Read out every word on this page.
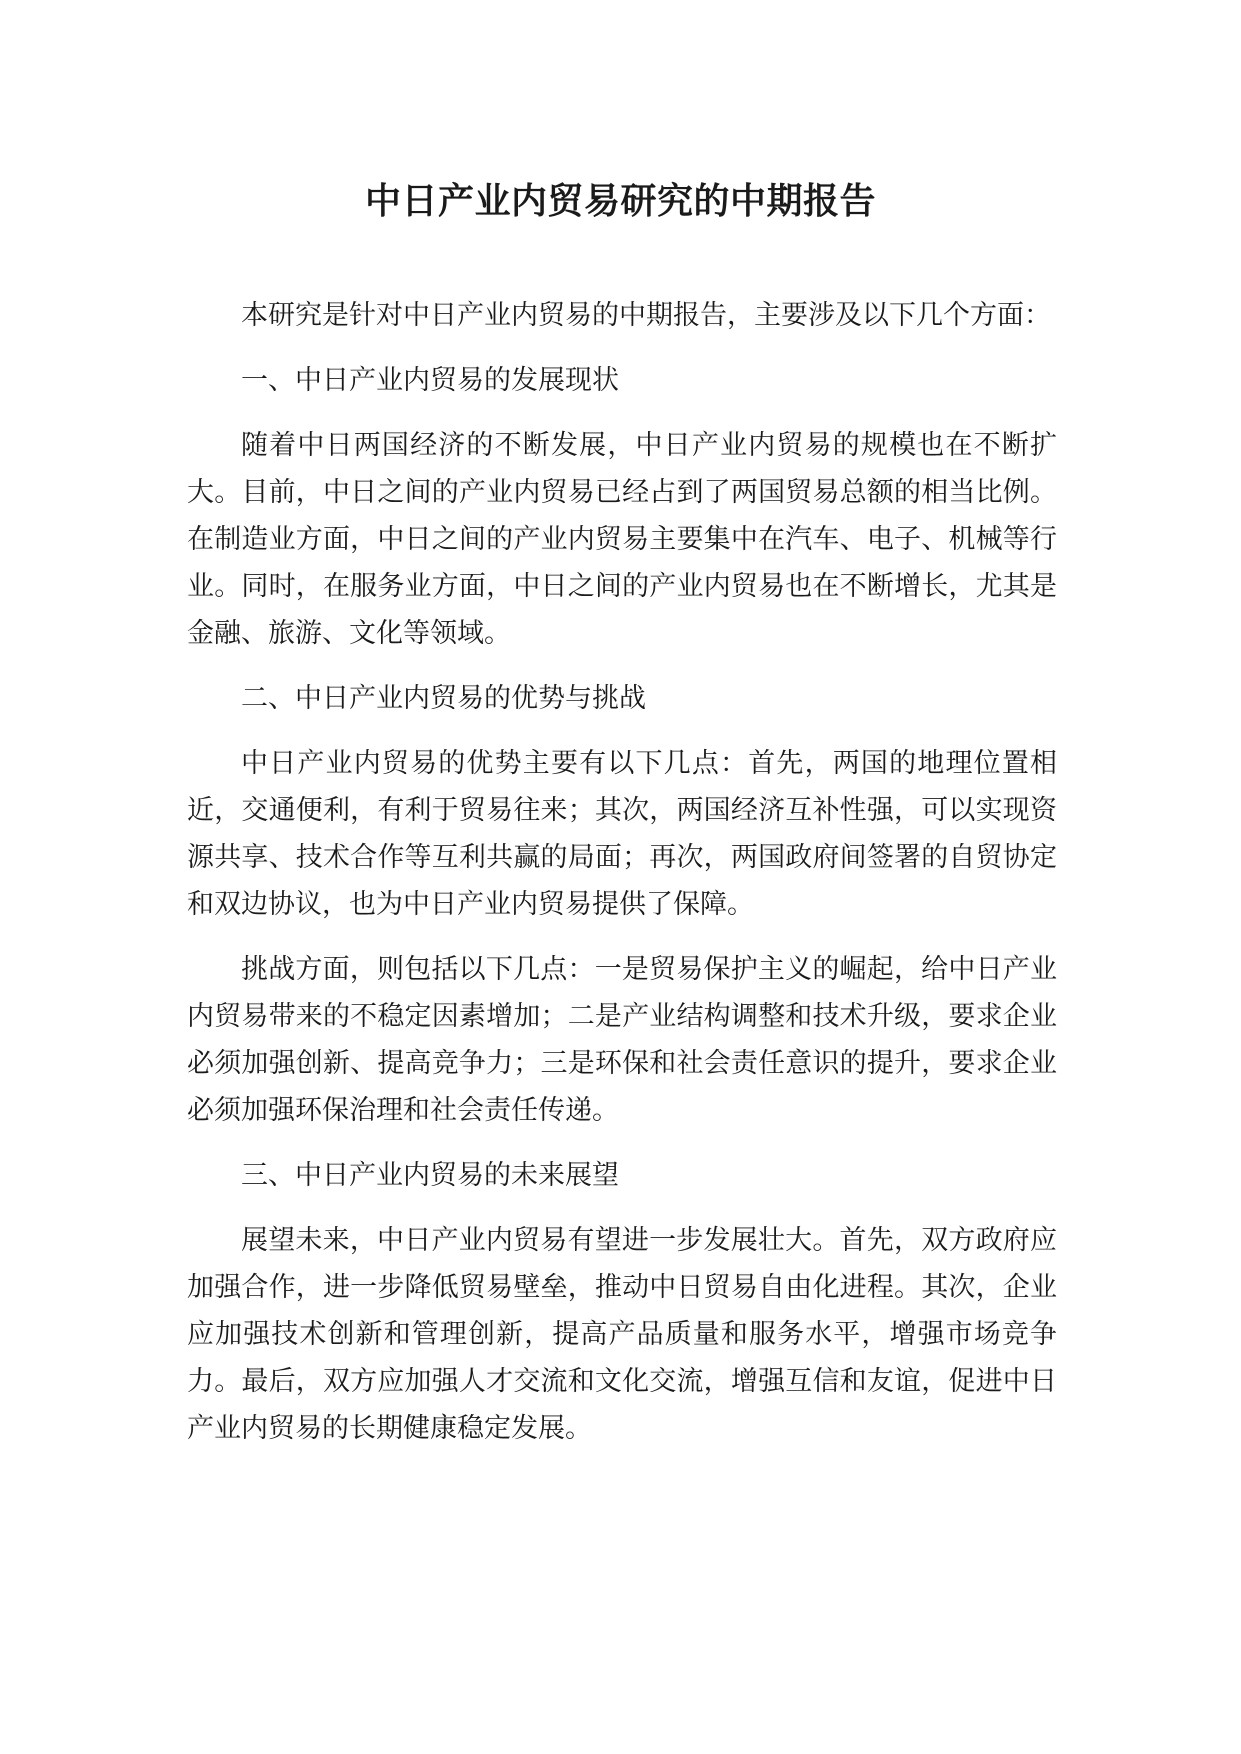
中日产业内贸易研究的中期报告

本研究是针对中日产业内贸易的中期报告，主要涉及以下几个方面：

一、中日产业内贸易的发展现状

随着中日两国经济的不断发展，中日产业内贸易的规模也在不断扩大。目前，中日之间的产业内贸易已经占到了两国贸易总额的相当比例。在制造业方面，中日之间的产业内贸易主要集中在汽车、电子、机械等行业。同时，在服务业方面，中日之间的产业内贸易也在不断增长，尤其是金融、旅游、文化等领域。

二、中日产业内贸易的优势与挑战

中日产业内贸易的优势主要有以下几点：首先，两国的地理位置相近，交通便利，有利于贸易往来；其次，两国经济互补性强，可以实现资源共享、技术合作等互利共赢的局面；再次，两国政府间签署的自贸协定和双边协议，也为中日产业内贸易提供了保障。

挑战方面，则包括以下几点：一是贸易保护主义的崛起，给中日产业内贸易带来的不稳定因素增加；二是产业结构调整和技术升级，要求企业必须加强创新、提高竞争力；三是环保和社会责任意识的提升，要求企业必须加强环保治理和社会责任传递。

三、中日产业内贸易的未来展望

展望未来，中日产业内贸易有望进一步发展壮大。首先，双方政府应加强合作，进一步降低贸易壁垒，推动中日贸易自由化进程。其次，企业应加强技术创新和管理创新，提高产品质量和服务水平，增强市场竞争力。最后，双方应加强人才交流和文化交流，增强互信和友谊，促进中日产业内贸易的长期健康稳定发展。
